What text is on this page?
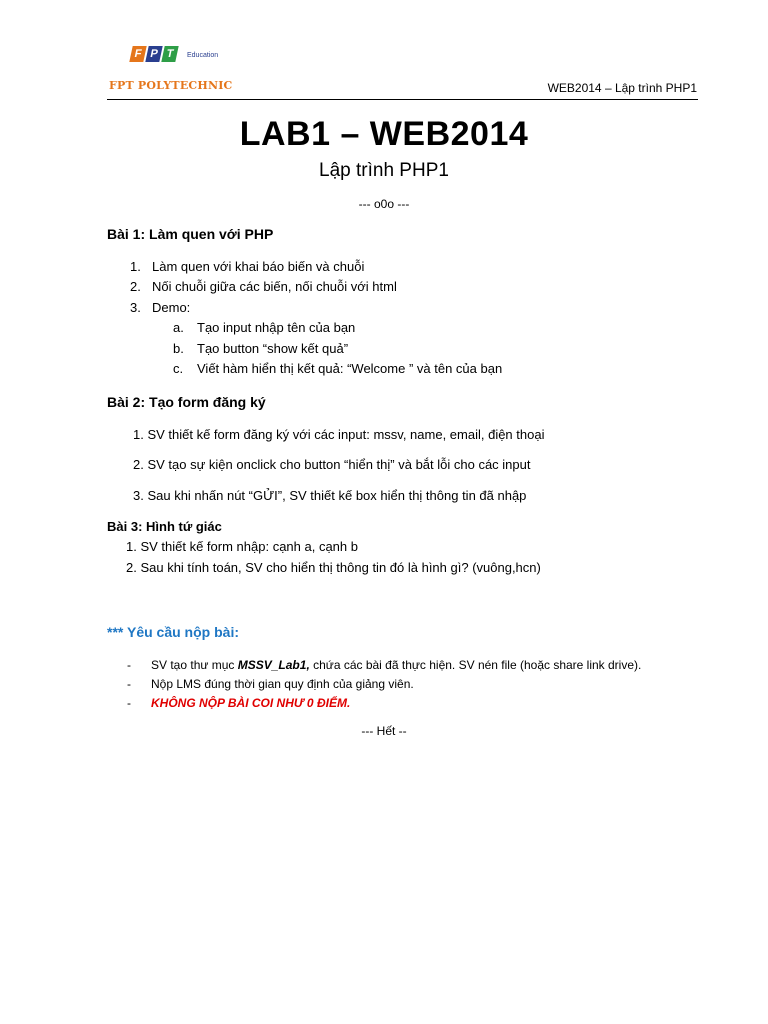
F P T	Education
FPT POLYTECHNIC	WEB2014 – Lập trình PHP1
LAB1 – WEB2014
Lập trình PHP1
--- o0o ---
Bài 1: Làm quen với PHP
1. Làm quen với khai báo biến và chuỗi
2. Nối chuỗi giữa các biến, nối chuỗi với html
3. Demo:
a. Tạo input nhập tên của bạn
b. Tạo button “show kết quả”
c. Viết hàm hiển thị kết quả: “Welcome ” và tên của bạn
Bài 2: Tạo form đăng ký
1. SV thiết kế form đăng ký với các input: mssv, name, email, điện thoại
2. SV tạo sự kiện onclick cho button “hiển thị” và bắt lỗi cho các input
3. Sau khi nhấn nút “GỬI”, SV thiết kế box hiển thị thông tin đã nhập
Bài 3: Hình tứ giác
1. SV thiết kế form nhập: cạnh a, cạnh b
2. Sau khi tính toán, SV cho hiển thị thông tin đó là hình gì? (vuông,hcn)
*** Yêu cầu nộp bài:
- SV tạo thư mục MSSV_Lab1, chứa các bài đã thực hiện. SV nén file (hoặc share link drive).
- Nộp LMS đúng thời gian quy định của giảng viên.
- KHÔNG NỘP BÀI COI NHƯ 0 ĐIỂM.
--- Hết --
